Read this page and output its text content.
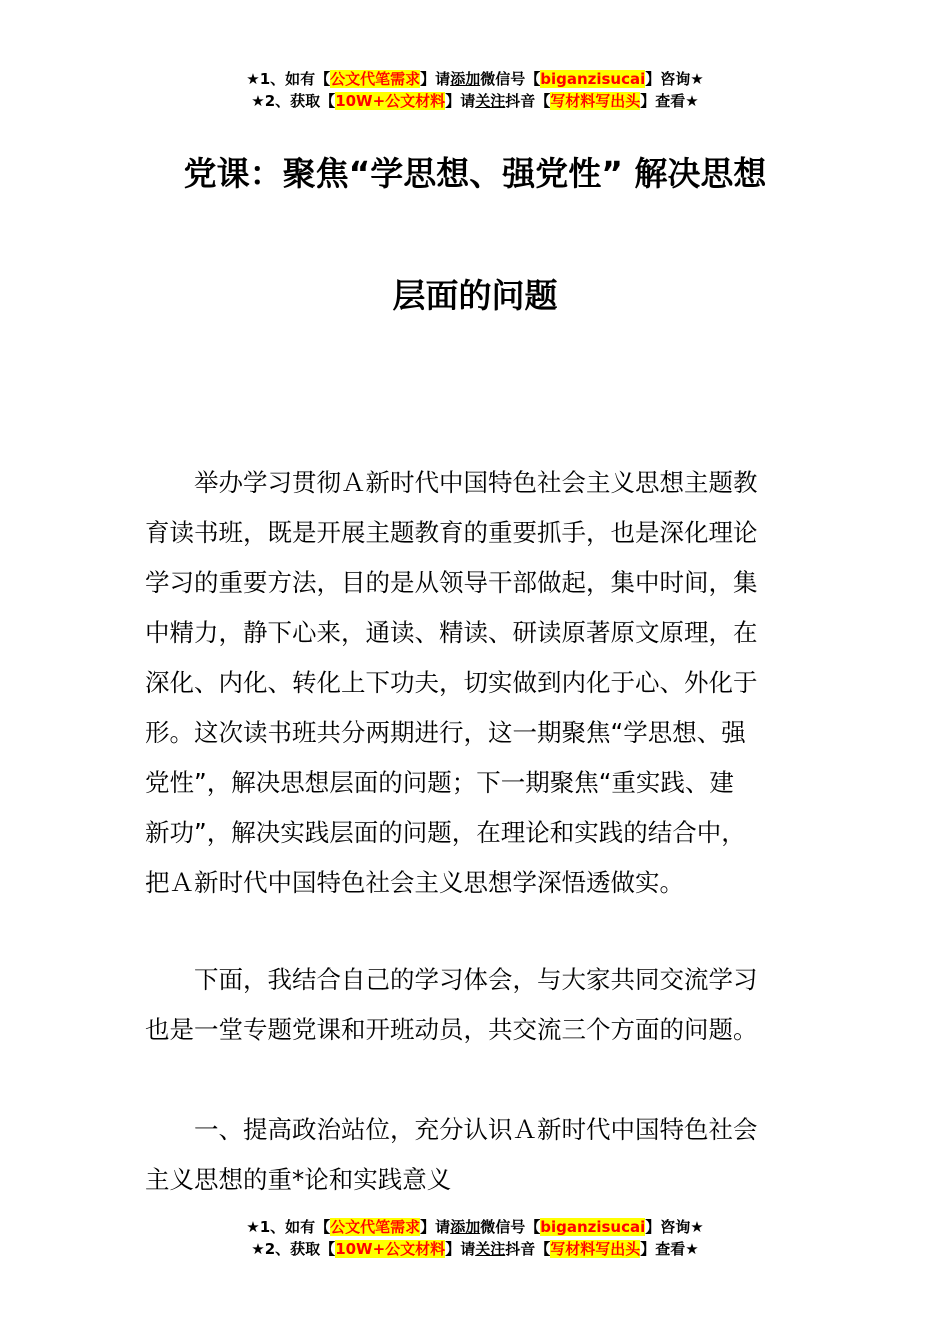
★1、如有【公文代笔需求】请添加微信号【biganzisucai】咨询★
★2、获取【10W+公文材料】请关注抖音【写材料写出头】查看★
党课：聚焦“学思想、强党性” 解决思想
层面的问题
　　举办学习贯彻Ａ新时代中国特色社会主义思想主题教
育读书班，既是开展主题教育的重要抓手，也是深化理论
学习的重要方法，目的是从领导干部做起，集中时间，集
中精力，静下心来，通读、精读、研读原著原文原理，在
深化、内化、转化上下功夫，切实做到内化于心、外化于
形。这次读书班共分两期进行，这一期聚焦“学思想、强
党性”，解决思想层面的问题；下一期聚焦“重实践、建
新功”，解决实践层面的问题，在理论和实践的结合中，
把Ａ新时代中国特色社会主义思想学深悟透做实。
　　下面，我结合自己的学习体会，与大家共同交流学习
也是一堂专题党课和开班动员，共交流三个方面的问题。
　　一、提高政治站位，充分认识Ａ新时代中国特色社会
主义思想的重*论和实践意义
★1、如有【公文代笔需求】请添加微信号【biganzisucai】咨询★
★2、获取【10W+公文材料】请关注抖音【写材料写出头】查看★
